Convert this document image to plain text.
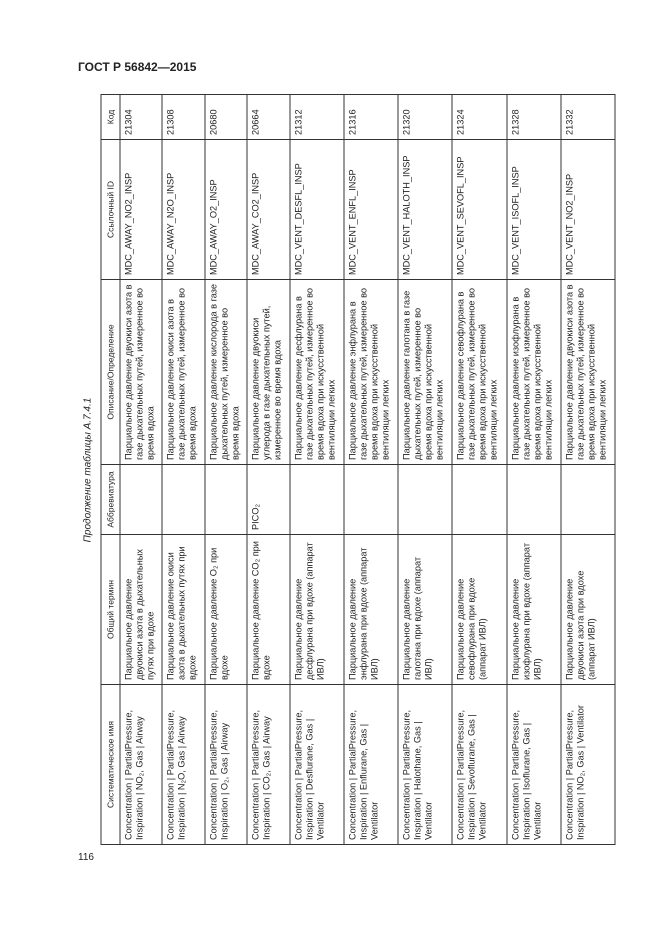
ГОСТ Р 56842—2015
116
Продолжение таблицы А.7.4.1
Систематическое имя	Общий термин	Аббревиатура	Описание/Определение	Ссылочный ID	Код
Concentration | PartialPressure, Inspiration | NO₂, Gas | Airway	Парциальное давление двуокиси азота в дыхательных путях при вдохе		Парциальное давление двуокиси азота в газе дыхательных путей, измеренное во время вдоха	MDC_AWAY_NO2_INSP	21304
Concentration | PartialPressure, Inspiration | N₂O, Gas | Airway	Парциальное давление окиси азота в дыхательных путях при вдохе		Парциальное давление окиси азота в газе дыхательных путей, измеренное во время вдоха	MDC_AWAY_N2O_INSP	21308
Concentration | PartialPressure, Inspiration | O₂, Gas | Airway	Парциальное давление O₂ при вдохе		Парциальное давление кислорода в газе дыхательных путей, измеренное во время вдоха	MDC_AWAY_O2_INSP	20680
Concentration | PartialPressure, Inspiration | CO₂, Gas | Airway	Парциальное давление CO₂ при вдохе	PICO₂	Парциальное давление двуокиси углерода в газе дыхательных путей, измеренное во время вдоха	MDC_AWAY_CO2_INSP	20664
Concentration | PartialPressure, Inspiration | Desflurane, Gas | Ventilator	Парциальное давление десфлурана при вдохе (аппарат ИВЛ)		Парциальное давление десфлурана в газе дыхательных путей, измеренное во время вдоха при искусственной вентиляции легких	MDC_VENT_DESFL_INSP	21312
Concentration | PartialPressure, Inspiration | Enflurane, Gas | Ventilator	Парциальное давление энфлурана при вдохе (аппарат ИВЛ)		Парциальное давление энфлурана в газе дыхательных путей, измеренное во время вдоха при искусственной вентиляции легких	MDC_VENT_ENFL_INSP	21316
Concentration | PartialPressure, Inspiration | Halothane, Gas | Ventilator	Парциальное давление галотана при вдохе (аппарат ИВЛ)		Парциальное давление галотана в газе дыхательных путей, измеренное во время вдоха при искусственной вентиляции легких	MDC_VENT_HALOTH_INSP	21320
Concentration | PartialPressure, Inspiration | Sevoflurane, Gas | Ventilator	Парциальное давление севофлурана при вдохе (аппарат ИВЛ)		Парциальное давление севофлурана в газе дыхательных путей, измеренное во время вдоха при искусственной вентиляции легких	MDC_VENT_SEVOFL_INSP	21324
Concentration | PartialPressure, Inspiration | Isoflurane, Gas | Ventilator	Парциальное давление изофлурана при вдохе (аппарат ИВЛ)		Парциальное давление изофлурана в газе дыхательных путей, измеренное во время вдоха при искусственной вентиляции легких	MDC_VENT_ISOFL_INSP	21328
Concentration | PartialPressure, Inspiration | NO₂, Gas | Ventilator	Парциальное давление двуокиси азота при вдохе (аппарат ИВЛ)		Парциальное давление двуокиси азота в газе дыхательных путей, измеренное во время вдоха при искусственной вентиляции легких	MDC_VENT_NO2_INSP	21332
